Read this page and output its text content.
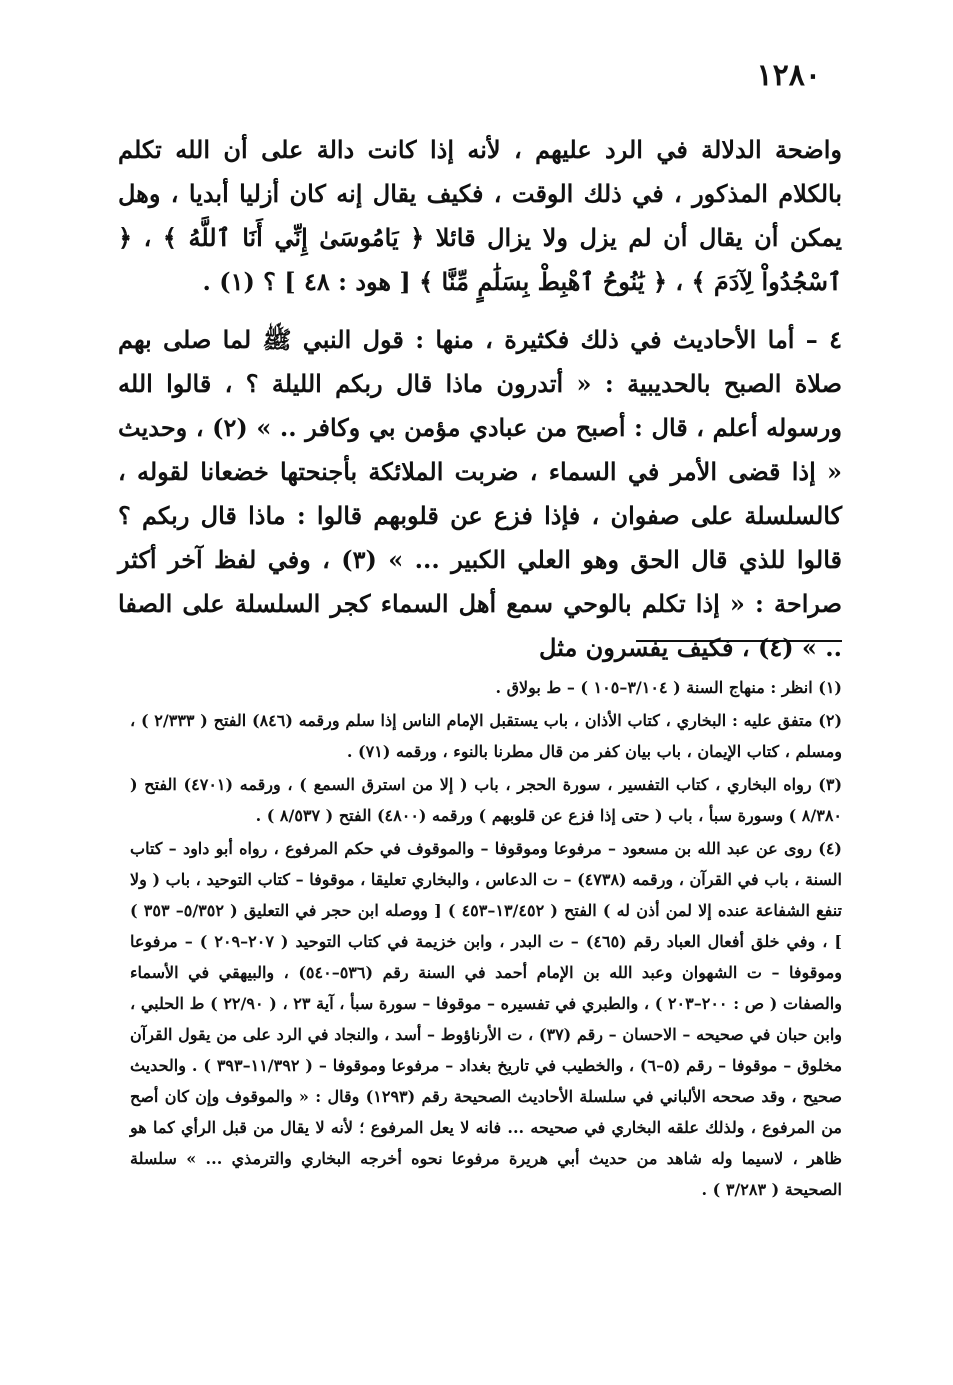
١٢٨٠

واضحة الدلالة في الرد عليهم ، لأنه إذا كانت دالة على أن الله تكلم بالكلام المذكور ، في ذلك الوقت ، فكيف يقال إنه كان أزليا أبديا ، وهل يمكن أن يقال أن لم يزل ولا يزال قائلا ﴿ يَامُوسَىٰ إِنِّي أَنَا ٱللَّهُ ﴾ ، ﴿ ٱسْجُدُواْ لِآدَمَ ﴾ ، ﴿ يَٰنُوحُ ٱهْبِطْ بِسَلَٰمٍ مِّنَّا ﴾ [ هود : ٤٨ ] ؟ (١) .

٤ – أما الأحاديث في ذلك فكثيرة ، منها : قول النبي ﷺ لما صلى بهم صلاة الصبح بالحديبية : « أتدرون ماذا قال ربكم الليلة ؟ ، قالوا الله ورسوله أعلم ، قال : أصبح من عبادي مؤمن بي وكافر .. » (٢) ، وحديث « إذا قضى الأمر في السماء ، ضربت الملائكة بأجنحتها خضعانا لقوله ، كالسلسلة على صفوان ، فإذا فزع عن قلوبهم قالوا : ماذا قال ربكم ؟ قالوا للذي قال الحق وهو العلي الكبير ... » (٣) ، وفي لفظ آخر أكثر صراحة : « إذا تكلم بالوحي سمع أهل السماء كجر السلسلة على الصفا .. » (٤) ، فكيف يفسرون مثل

(١) انظر : منهاج السنة ( ٣/١٠٤–١٠٥ ) – ط بولاق .

(٢) متفق عليه : البخاري ، كتاب الأذان ، باب يستقبل الإمام الناس إذا سلم ورقمه (٨٤٦) الفتح ( ٢/٣٣٣ ) ، ومسلم ، كتاب الإيمان ، باب بيان كفر من قال مطرنا بالنوء ، ورقمه (٧١) .

(٣) رواه البخاري ، كتاب التفسير ، سورة الحجر ، باب ( إلا من استرق السمع ) ، ورقمه (٤٧٠١) الفتح ( ٨/٣٨٠ ) وسورة سبأ ، باب ( حتى إذا فزع عن قلوبهم ) ورقمه (٤٨٠٠) الفتح ( ٨/٥٣٧ ) .

(٤) روى عن عبد الله بن مسعود – مرفوعا وموقوفا – والموقوف في حكم المرفوع ، رواه أبو داود – كتاب السنة ، باب في القرآن ، ورقمه (٤٧٣٨) – ت الدعاس ، والبخاري تعليقا ، موقوفا – كتاب التوحيد ، باب ( ولا تنفع الشفاعة عنده إلا لمن أذن له ) الفتح ( ١٣/٤٥٢–٤٥٣ ) [ ووصله ابن حجر في التعليق ( ٥/٣٥٢– ٣٥٣ ) ] ، وفي خلق أفعال العباد رقم (٤٦٥) – ت البدر ، وابن خزيمة في كتاب التوحيد ( ٢٠٧–٢٠٩ ) – مرفوعا وموقوفا – ت الشهوان وعبد الله بن الإمام أحمد في السنة رقم (٥٣٦–٥٤٠) ، والبيهقي في الأسماء والصفات ( ص : ٢٠٠–٢٠٣ ) ، والطبري في تفسيره – موقوفا – سورة سبأ ، آية ٢٣ ، ( ٢٢/٩٠ ) ط الحلبي ، وابن حبان في صحيحه – الاحسان – رقم (٣٧) ، ت الأرناؤوط – أسد ، والنجاد في الرد على من يقول القرآن مخلوق – موقوفا – رقم (٥–٦) ، والخطيب في تاريخ بغداد – مرفوعا وموقوفا – ( ١١/٣٩٢–٣٩٣ ) . والحديث صحيح ، وقد صححه الألباني في سلسلة الأحاديث الصحيحة رقم (١٢٩٣) وقال : « والموقوف وإن كان أصح من المرفوع ، ولذلك علقه البخاري في صحيحه ... فانه لا يعل المرفوع ؛ لأنه لا يقال من قبل الرأي كما هو ظاهر ، لاسيما وله شاهد من حديث أبي هريرة مرفوعا نحوه أخرجه البخاري والترمذي ... » سلسلة الصحيحة ( ٣/٢٨٣ ) .
